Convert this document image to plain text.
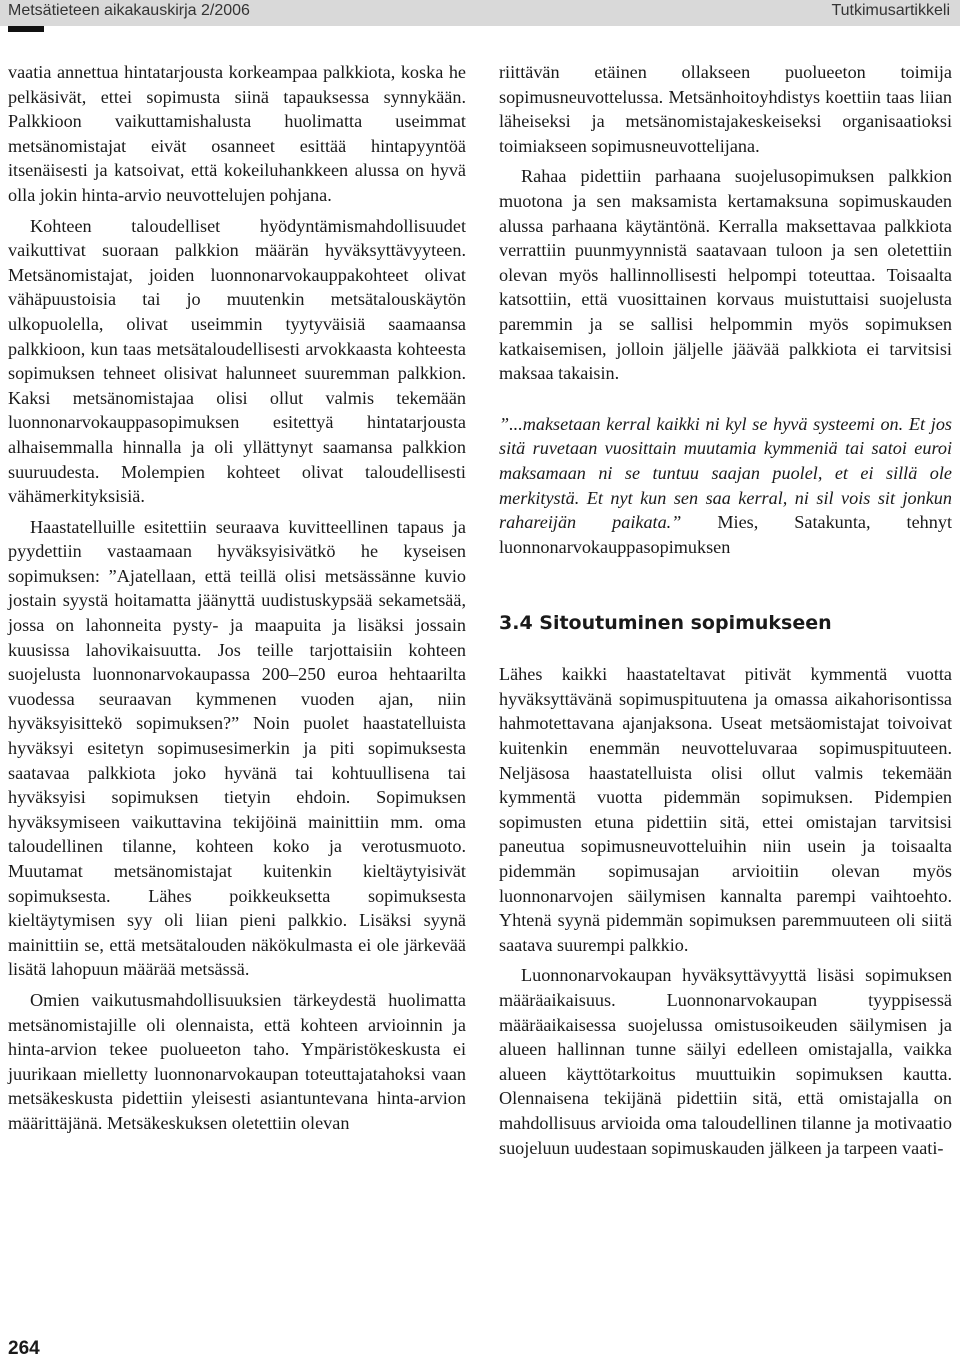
Metsätieteen aikakauskirja 2/2006	Tutkimusartikkeli

vaatia annettua hintatarjousta korkeampaa palkkiota, koska he pelkäsivät, ettei sopimusta siinä tapauksessa synnykään. Palkkioon vaikuttamishalusta huolimatta useimmat metsänomistajat eivät osanneet esittää hintapyyntöä itsenäisesti ja katsoivat, että kokeiluhankkeen alussa on hyvä olla jokin hinta-arvio neuvottelujen pohjana.

Kohteen taloudelliset hyödyntämismahdollisuudet vaikuttivat suoraan palkkion määrän hyväksyttävyyteen. Metsänomistajat, joiden luonnonarvokauppakohteet olivat vähäpuustoisia tai jo muutenkin metsätalouskäytön ulkopuolella, olivat useimmin tyytyväisiä saamaansa palkkioon, kun taas metsätaloudellisesti arvokkaasta kohteesta sopimuksen tehneet olisivat halunneet suuremman palkkion. Kaksi metsänomistajaa olisi ollut valmis tekemään luonnonarvokauppasopimuksen esitettyä hintatarjousta alhaisemmalla hinnalla ja oli yllättynyt saamansa palkkion suuruudesta. Molempien kohteet olivat taloudellisesti vähämerkityksisiä.

Haastatelluille esitettiin seuraava kuvitteellinen tapaus ja pyydettiin vastaamaan hyväksyisivätkö he kyseisen sopimuksen: ”Ajatellaan, että teillä olisi metsässänne kuvio jostain syystä hoitamatta jäänyttä uudistuskypsää sekametsää, jossa on lahonneita pysty- ja maapuita ja lisäksi jossain kuusissa lahovikaisuutta. Jos teille tarjottaisiin kohteen suojelusta luonnonarvokaupassa 200–250 euroa hehtaarilta vuodessa seuraavan kymmenen vuoden ajan, niin hyväksyisittekö sopimuksen?” Noin puolet haastatelluista hyväksyi esitetyn sopimusesimerkin ja piti sopimuksesta saatavaa palkkiota joko hyvänä tai kohtuullisena tai hyväksyisi sopimuksen tietyin ehdoin. Sopimuksen hyväksymiseen vaikuttavina tekijöinä mainittiin mm. oma taloudellinen tilanne, kohteen koko ja verotusmuoto. Muutamat metsänomistajat kuitenkin kieltäytyisivät sopimuksesta. Lähes poikkeuksetta sopimuksesta kieltäytymisen syy oli liian pieni palkkio. Lisäksi syynä mainittiin se, että metsätalouden näkökulmasta ei ole järkevää lisätä lahopuun määrää metsässä.

Omien vaikutusmahdollisuuksien tärkeydestä huolimatta metsänomistajille oli olennaista, että kohteen arvioinnin ja hinta-arvion tekee puolueeton taho. Ympäristökeskusta ei juurikaan mielletty luonnonarvokaupan toteuttajatahoksi vaan metsäkeskusta pidettiin yleisesti asiantuntevana hinta-arvion määrittäjänä. Metsäkeskuksen oletettiin olevan

riittävän etäinen ollakseen puolueeton toimija sopimusneuvottelussa. Metsänhoitoyhdistys koettiin taas liian läheiseksi ja metsänomistajakeskeiseksi organisaatioksi toimiakseen sopimusneuvottelijana.

Rahaa pidettiin parhaana suojelusopimuksen palkkion muotona ja sen maksamista kertamaksuna sopimuskauden alussa parhaana käytäntönä. Kerralla maksettavaa palkkiota verrattiin puunmyynnistä saatavaan tuloon ja sen oletettiin olevan myös hallinnollisesti helpompi toteuttaa. Toisaalta katsottiin, että vuosittainen korvaus muistuttaisi suojelusta paremmin ja se sallisi helpommin myös sopimuksen katkaisemisen, jolloin jäljelle jäävää palkkiota ei tarvitsisi maksaa takaisin.

”...maksetaan kerral kaikki ni kyl se hyvä systeemi on. Et jos sitä ruvetaan vuosittain muutamia kymmeniä tai satoi euroi maksamaan ni se tuntuu saajan puolel, et ei sillä ole merkitystä. Et nyt kun sen saa kerral, ni sil vois sit jonkun rahareijän paikata.” Mies, Satakunta, tehnyt luonnonarvokauppasopimuksen

3.4 Sitoutuminen sopimukseen

Lähes kaikki haastateltavat pitivät kymmentä vuotta hyväksyttävänä sopimuspituutena ja omassa aikahorisontissa hahmotettavana ajanjaksona. Useat metsäomistajat toivoivat kuitenkin enemmän neuvotteluvaraa sopimuspituuteen. Neljäsosa haastatelluista olisi ollut valmis tekemään kymmentä vuotta pidemmän sopimuksen. Pidempien sopimusten etuna pidettiin sitä, ettei omistajan tarvitsisi paneutua sopimusneuvotteluihin niin usein ja toisaalta pidemmän sopimusajan arvioitiin olevan myös luonnonarvojen säilymisen kannalta parempi vaihtoehto. Yhtenä syynä pidemmän sopimuksen paremmuuteen oli siitä saatava suurempi palkkio.

Luonnonarvokaupan hyväksyttävyyttä lisäsi sopimuksen määräaikaisuus. Luonnonarvokaupan tyyppisessä määräaikaisessa suojelussa omistusoikeuden säilymisen ja alueen hallinnan tunne säilyi edelleen omistajalla, vaikka alueen käyttötarkoitus muuttuikin sopimuksen kautta. Olennaisena tekijänä pidettiin sitä, että omistajalla on mahdollisuus arvioida oma taloudellinen tilanne ja motivaatio suojeluun uudestaan sopimuskauden jälkeen ja tarpeen vaati-

264
